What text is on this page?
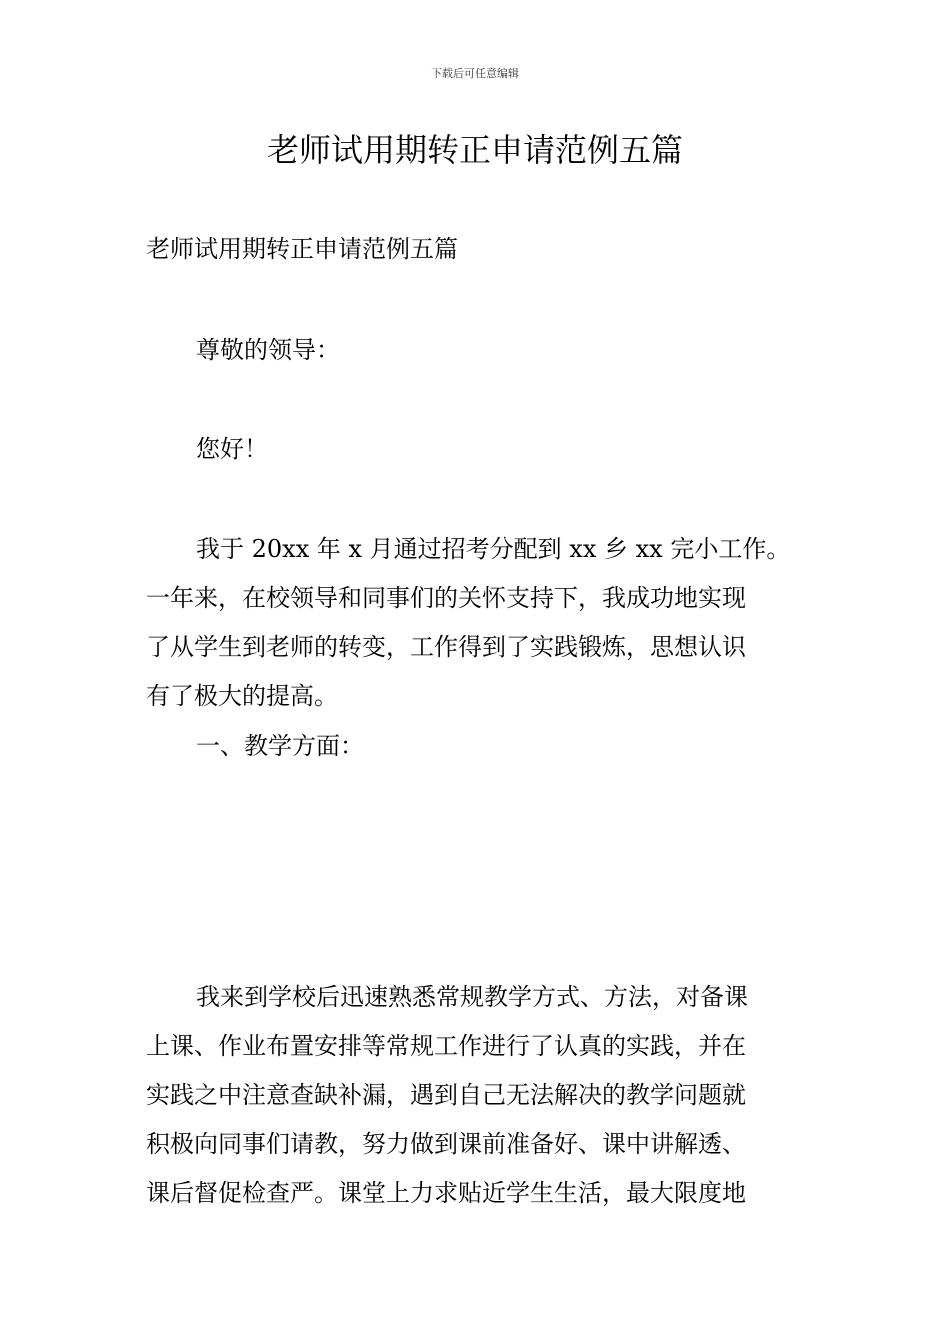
下载后可任意编辑
老师试用期转正申请范例五篇

老师试用期转正申请范例五篇

尊敬的领导：

您好！

我于 20xx 年 x 月通过招考分配到 xx 乡 xx 完小工作。
一年来，在校领导和同事们的关怀支持下，我成功地实现
了从学生到老师的转变，工作得到了实践锻炼，思想认识
有了极大的提高。

一、教学方面：

我来到学校后迅速熟悉常规教学方式、方法，对备课
上课、作业布置安排等常规工作进行了认真的实践，并在
实践之中注意查缺补漏，遇到自己无法解决的教学问题就
积极向同事们请教，努力做到课前准备好、课中讲解透、
课后督促检查严。课堂上力求贴近学生生活，最大限度地
